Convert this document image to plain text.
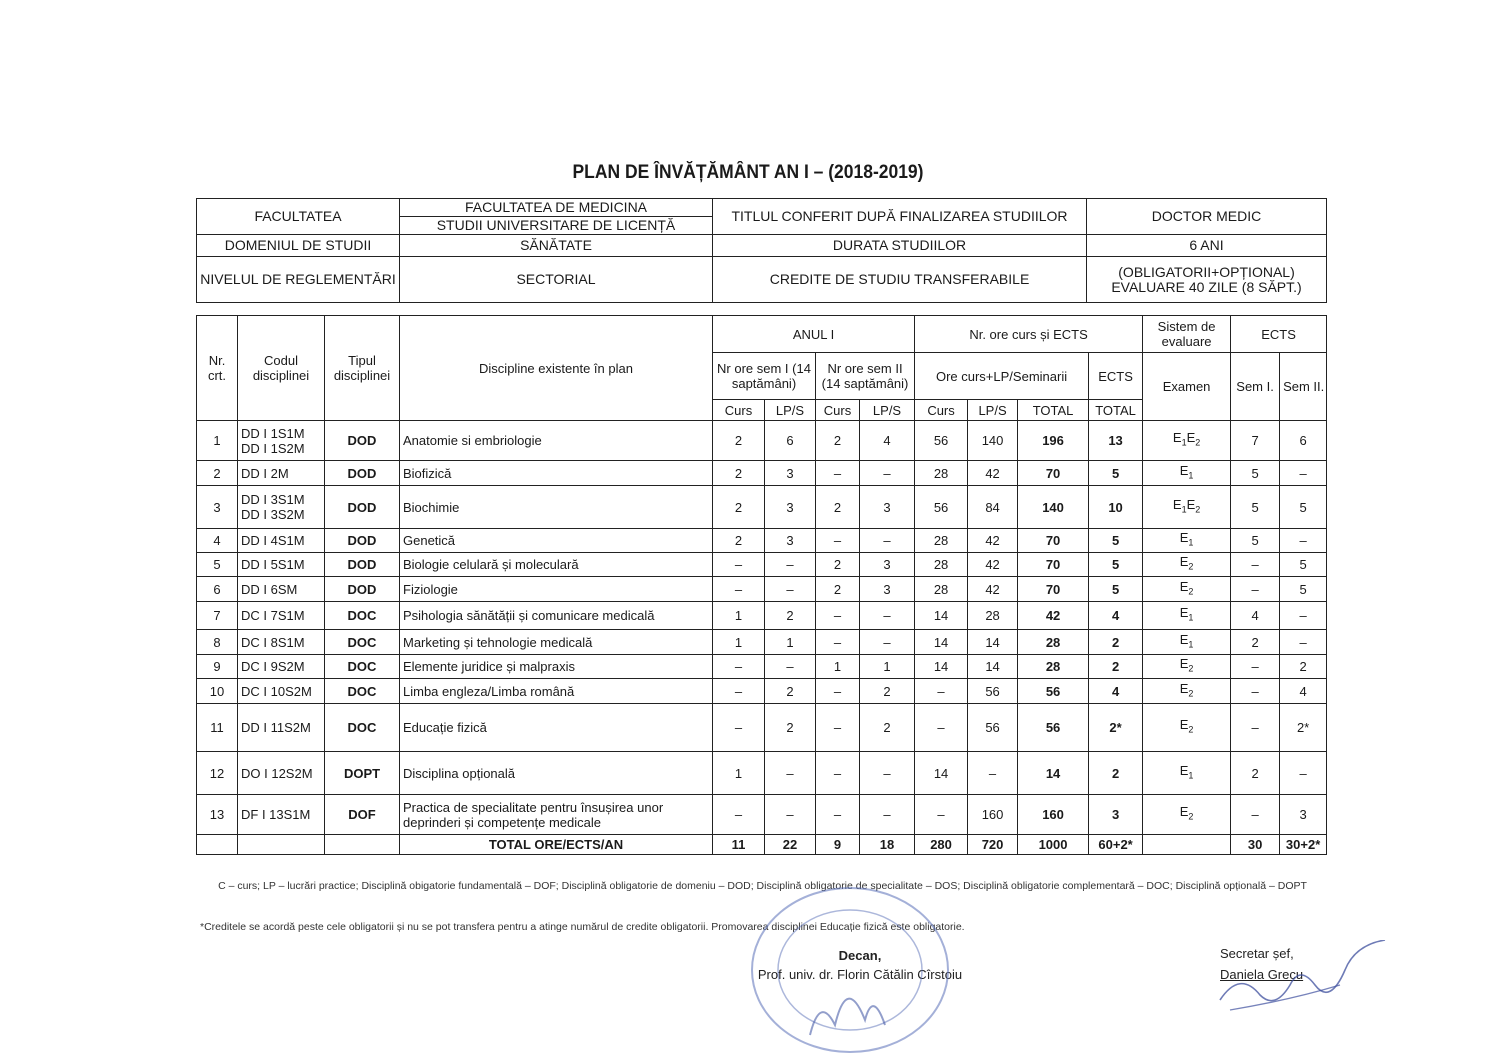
PLAN DE ÎNVĂȚĂMÂNT AN I – (2018-2019)
FACULTATEA	FACULTATEA DE MEDICINA	TITLUL CONFERIT DUPĂ FINALIZAREA STUDIILOR	DOCTOR MEDIC
	STUDII UNIVERSITARE DE LICENȚĂ		
DOMENIUL DE STUDII	SĂNĂTATE	DURATA STUDIILOR	6 ANI
NIVELUL DE REGLEMENTĂRI	SECTORIAL	CREDITE DE STUDIU TRANSFERABILE	(OBLIGATORII+OPȚIONAL)
EVALUARE 40 ZILE (8 SĂPT.)
Nr. crt.	Codul disciplinei	Tipul disciplinei	Discipline existente în plan	ANUL I				Nr. ore curs și ECTS				Sistem de evaluare	ECTS	
				Nr ore sem I (14 saptămâni)		Nr ore sem II (14 saptămâni)		Ore curs+LP/Seminarii			ECTS	Examen	Sem I.	Sem II.
				Curs	LP/S	Curs	LP/S	Curs	LP/S	TOTAL	TOTAL			
1	DD I 1S1M
DD I 1S2M	DOD	Anatomie si embriologie	2	6	2	4	56	140	196	13	$E_1E_2$	7	6
2	DD I 2M	DOD	Biofizică	2	3	–	–	28	42	70	5	$E_1$	5	–
3	DD I 3S1M
DD I 3S2M	DOD	Biochimie	2	3	2	3	56	84	140	10	$E_1E_2$	5	5
4	DD I 4S1M	DOD	Genetică	2	3	–	–	28	42	70	5	$E_1$	5	–
5	DD I 5S1M	DOD	Biologie celulară și moleculară	–	–	2	3	28	42	70	5	$E_2$	–	5
6	DD I 6SM	DOD	Fiziologie	–	–	2	3	28	42	70	5	$E_2$	–	5
7	DC I 7S1M	DOC	Psihologia sănătății și comunicare medicală	1	2	–	–	14	28	42	4	$E_1$	4	–
8	DC I 8S1M	DOC	Marketing și tehnologie medicală	1	1	–	–	14	14	28	2	$E_1$	2	–
9	DC I 9S2M	DOC	Elemente juridice și malpraxis	–	–	1	1	14	14	28	2	$E_2$	–	2
10	DC I 10S2M	DOC	Limba engleza/Limba română	–	2	–	2	–	56	56	4	$E_2$	–	4
11	DD I 11S2M	DOC	Educație fizică	–	2	–	2	–	56	56	2*	$E_2$	–	2*
12	DO I 12S2M	DOPT	Disciplina opțională	1	–	–	–	14	–	14	2	$E_1$	2	–
13	DF I 13S1M	DOF	Practica de specialitate pentru însușirea unor deprinderi și competențe medicale	–	–	–	–	–	160	160	3	$E_2$	–	3
			TOTAL ORE/ECTS/AN	11	22	9	18	280	720	1000	60+2*		30	30+2*
C – curs; LP – lucrări practice; Disciplină obigatorie fundamentală – DOF; Disciplină obligatorie de domeniu – DOD; Disciplină obligatorie de specialitate – DOS; Disciplină obligatorie complementară – DOC; Disciplină opțională – DOPT
*Creditele se acordă peste cele obligatorii și nu se pot transfera pentru a atinge numărul de credite obligatorii. Promovarea disciplinei Educație fizică este obligatorie.
Decan,
Prof. univ. dr. Florin Cătălin Cîrstoiu
Secretar șef,
Daniela Grecu
